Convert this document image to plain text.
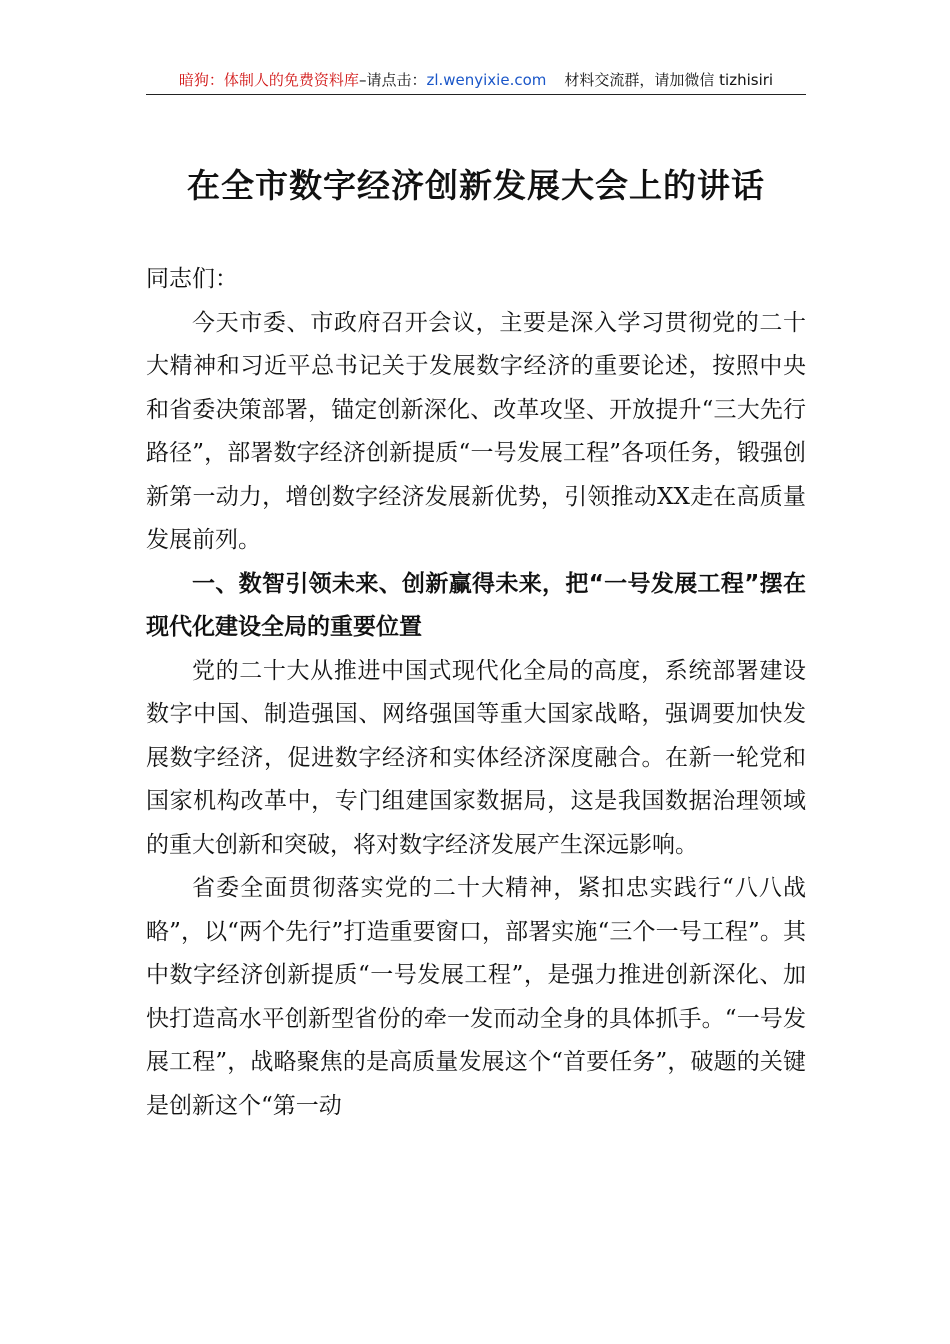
暗狗：体制人的免费资料库–请点击：zl.wenyixie.com 材料交流群，请加微信 tizhisiri
在全市数字经济创新发展大会上的讲话

同志们：

今天市委、市政府召开会议，主要是深入学习贯彻党的二十大精神和习近平总书记关于发展数字经济的重要论述，按照中央和省委决策部署，锚定创新深化、改革攻坚、开放提升“三大先行路径”，部署数字经济创新提质“一号发展工程”各项任务，锻强创新第一动力，增创数字经济发展新优势，引领推动XX走在高质量发展前列。

一、数智引领未来、创新赢得未来，把“一号发展工程”摆在现代化建设全局的重要位置

党的二十大从推进中国式现代化全局的高度，系统部署建设数字中国、制造强国、网络强国等重大国家战略，强调要加快发展数字经济，促进数字经济和实体经济深度融合。在新一轮党和国家机构改革中，专门组建国家数据局，这是我国数据治理领域的重大创新和突破，将对数字经济发展产生深远影响。

省委全面贯彻落实党的二十大精神，紧扣忠实践行“八八战略”，以“两个先行”打造重要窗口，部署实施“三个一号工程”。其中数字经济创新提质“一号发展工程”，是强力推进创新深化、加快打造高水平创新型省份的牵一发而动全身的具体抓手。“一号发展工程”，战略聚焦的是高质量发展这个“首要任务”，破题的关键是创新这个“第一动
